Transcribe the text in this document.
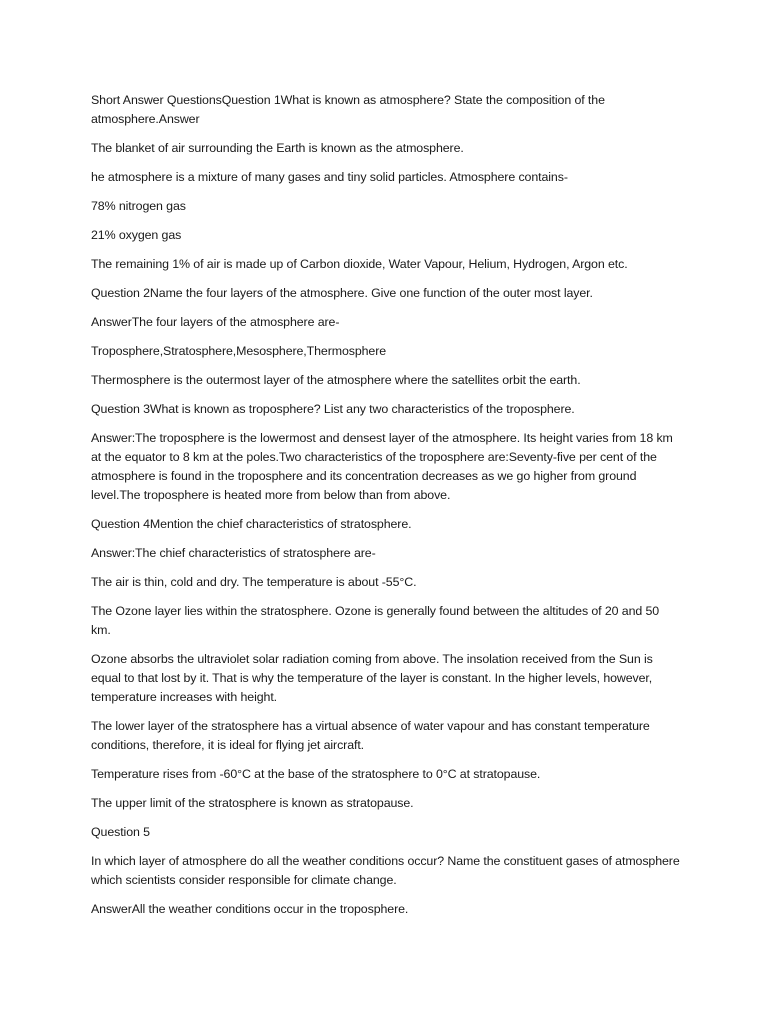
Short Answer QuestionsQuestion 1What is known as atmosphere? State the composition of the atmosphere.Answer

The blanket of air surrounding the Earth is known as the atmosphere.

he atmosphere is a mixture of many gases and tiny solid particles. Atmosphere contains-

78% nitrogen gas

21% oxygen gas

The remaining 1% of air is made up of Carbon dioxide, Water Vapour, Helium, Hydrogen, Argon etc.

Question 2Name the four layers of the atmosphere. Give one function of the outer most layer.

AnswerThe four layers of the atmosphere are-

Troposphere,Stratosphere,Mesosphere,Thermosphere

Thermosphere is the outermost layer of the atmosphere where the satellites orbit the earth.

Question 3What is known as troposphere? List any two characteristics of the troposphere.

Answer:The troposphere is the lowermost and densest layer of the atmosphere. Its height varies from 18 km at the equator to 8 km at the poles.Two characteristics of the troposphere are:Seventy-five per cent of the atmosphere is found in the troposphere and its concentration decreases as we go higher from ground level.The troposphere is heated more from below than from above.

Question 4Mention the chief characteristics of stratosphere.

Answer:The chief characteristics of stratosphere are-

The air is thin, cold and dry. The temperature is about -55°C.

The Ozone layer lies within the stratosphere. Ozone is generally found between the altitudes of 20 and 50 km.

Ozone absorbs the ultraviolet solar radiation coming from above. The insolation received from the Sun is equal to that lost by it. That is why the temperature of the layer is constant. In the higher levels, however, temperature increases with height.

The lower layer of the stratosphere has a virtual absence of water vapour and has constant temperature conditions, therefore, it is ideal for flying jet aircraft.

Temperature rises from -60°C at the base of the stratosphere to 0°C at stratopause.

The upper limit of the stratosphere is known as stratopause.

Question 5

In which layer of atmosphere do all the weather conditions occur? Name the constituent gases of atmosphere which scientists consider responsible for climate change.

AnswerAll the weather conditions occur in the troposphere.
